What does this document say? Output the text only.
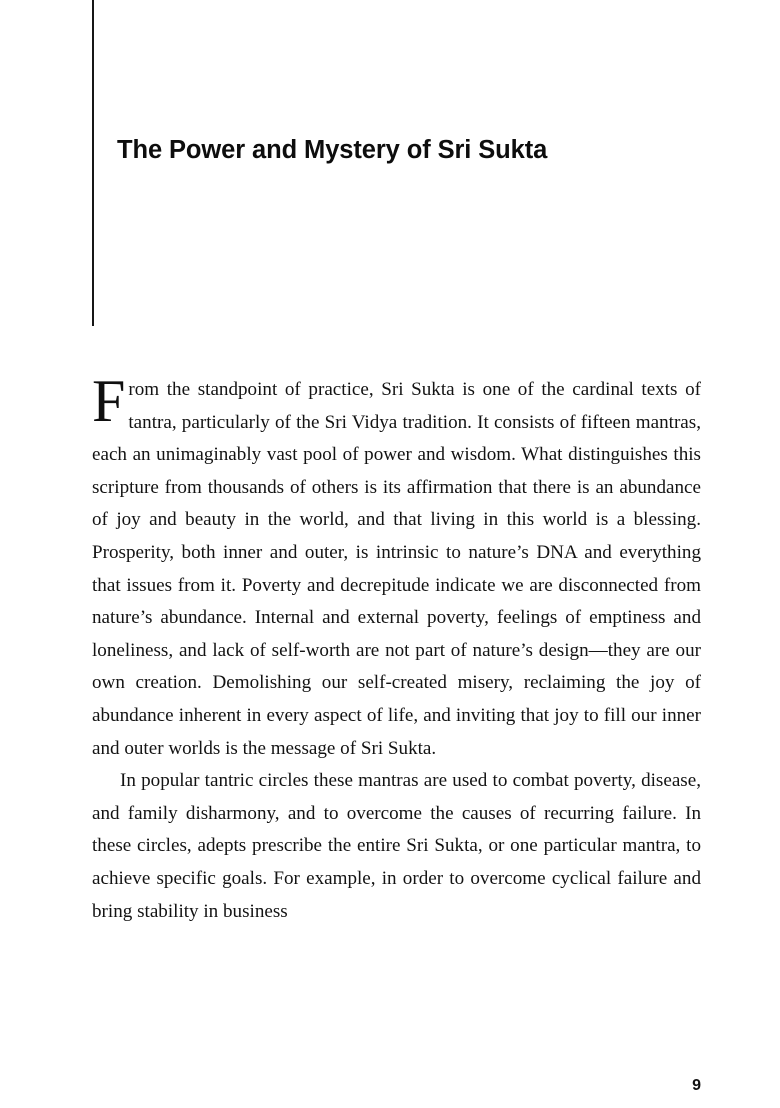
The Power and Mystery of Sri Sukta

From the standpoint of practice, Sri Sukta is one of the cardinal texts of tantra, particularly of the Sri Vidya tradition. It consists of fifteen mantras, each an unimaginably vast pool of power and wisdom. What distinguishes this scripture from thousands of others is its affirmation that there is an abundance of joy and beauty in the world, and that living in this world is a blessing. Prosperity, both inner and outer, is intrinsic to nature’s DNA and everything that issues from it. Poverty and decrepitude indicate we are disconnected from nature’s abundance. Internal and external poverty, feelings of emptiness and loneliness, and lack of self-worth are not part of nature’s design—they are our own creation. Demolishing our self-created misery, reclaiming the joy of abundance inherent in every aspect of life, and inviting that joy to fill our inner and outer worlds is the message of Sri Sukta.

In popular tantric circles these mantras are used to combat poverty, disease, and family disharmony, and to overcome the causes of recurring failure. In these circles, adepts prescribe the entire Sri Sukta, or one particular mantra, to achieve specific goals. For example, in order to overcome cyclical failure and bring stability in business

9
